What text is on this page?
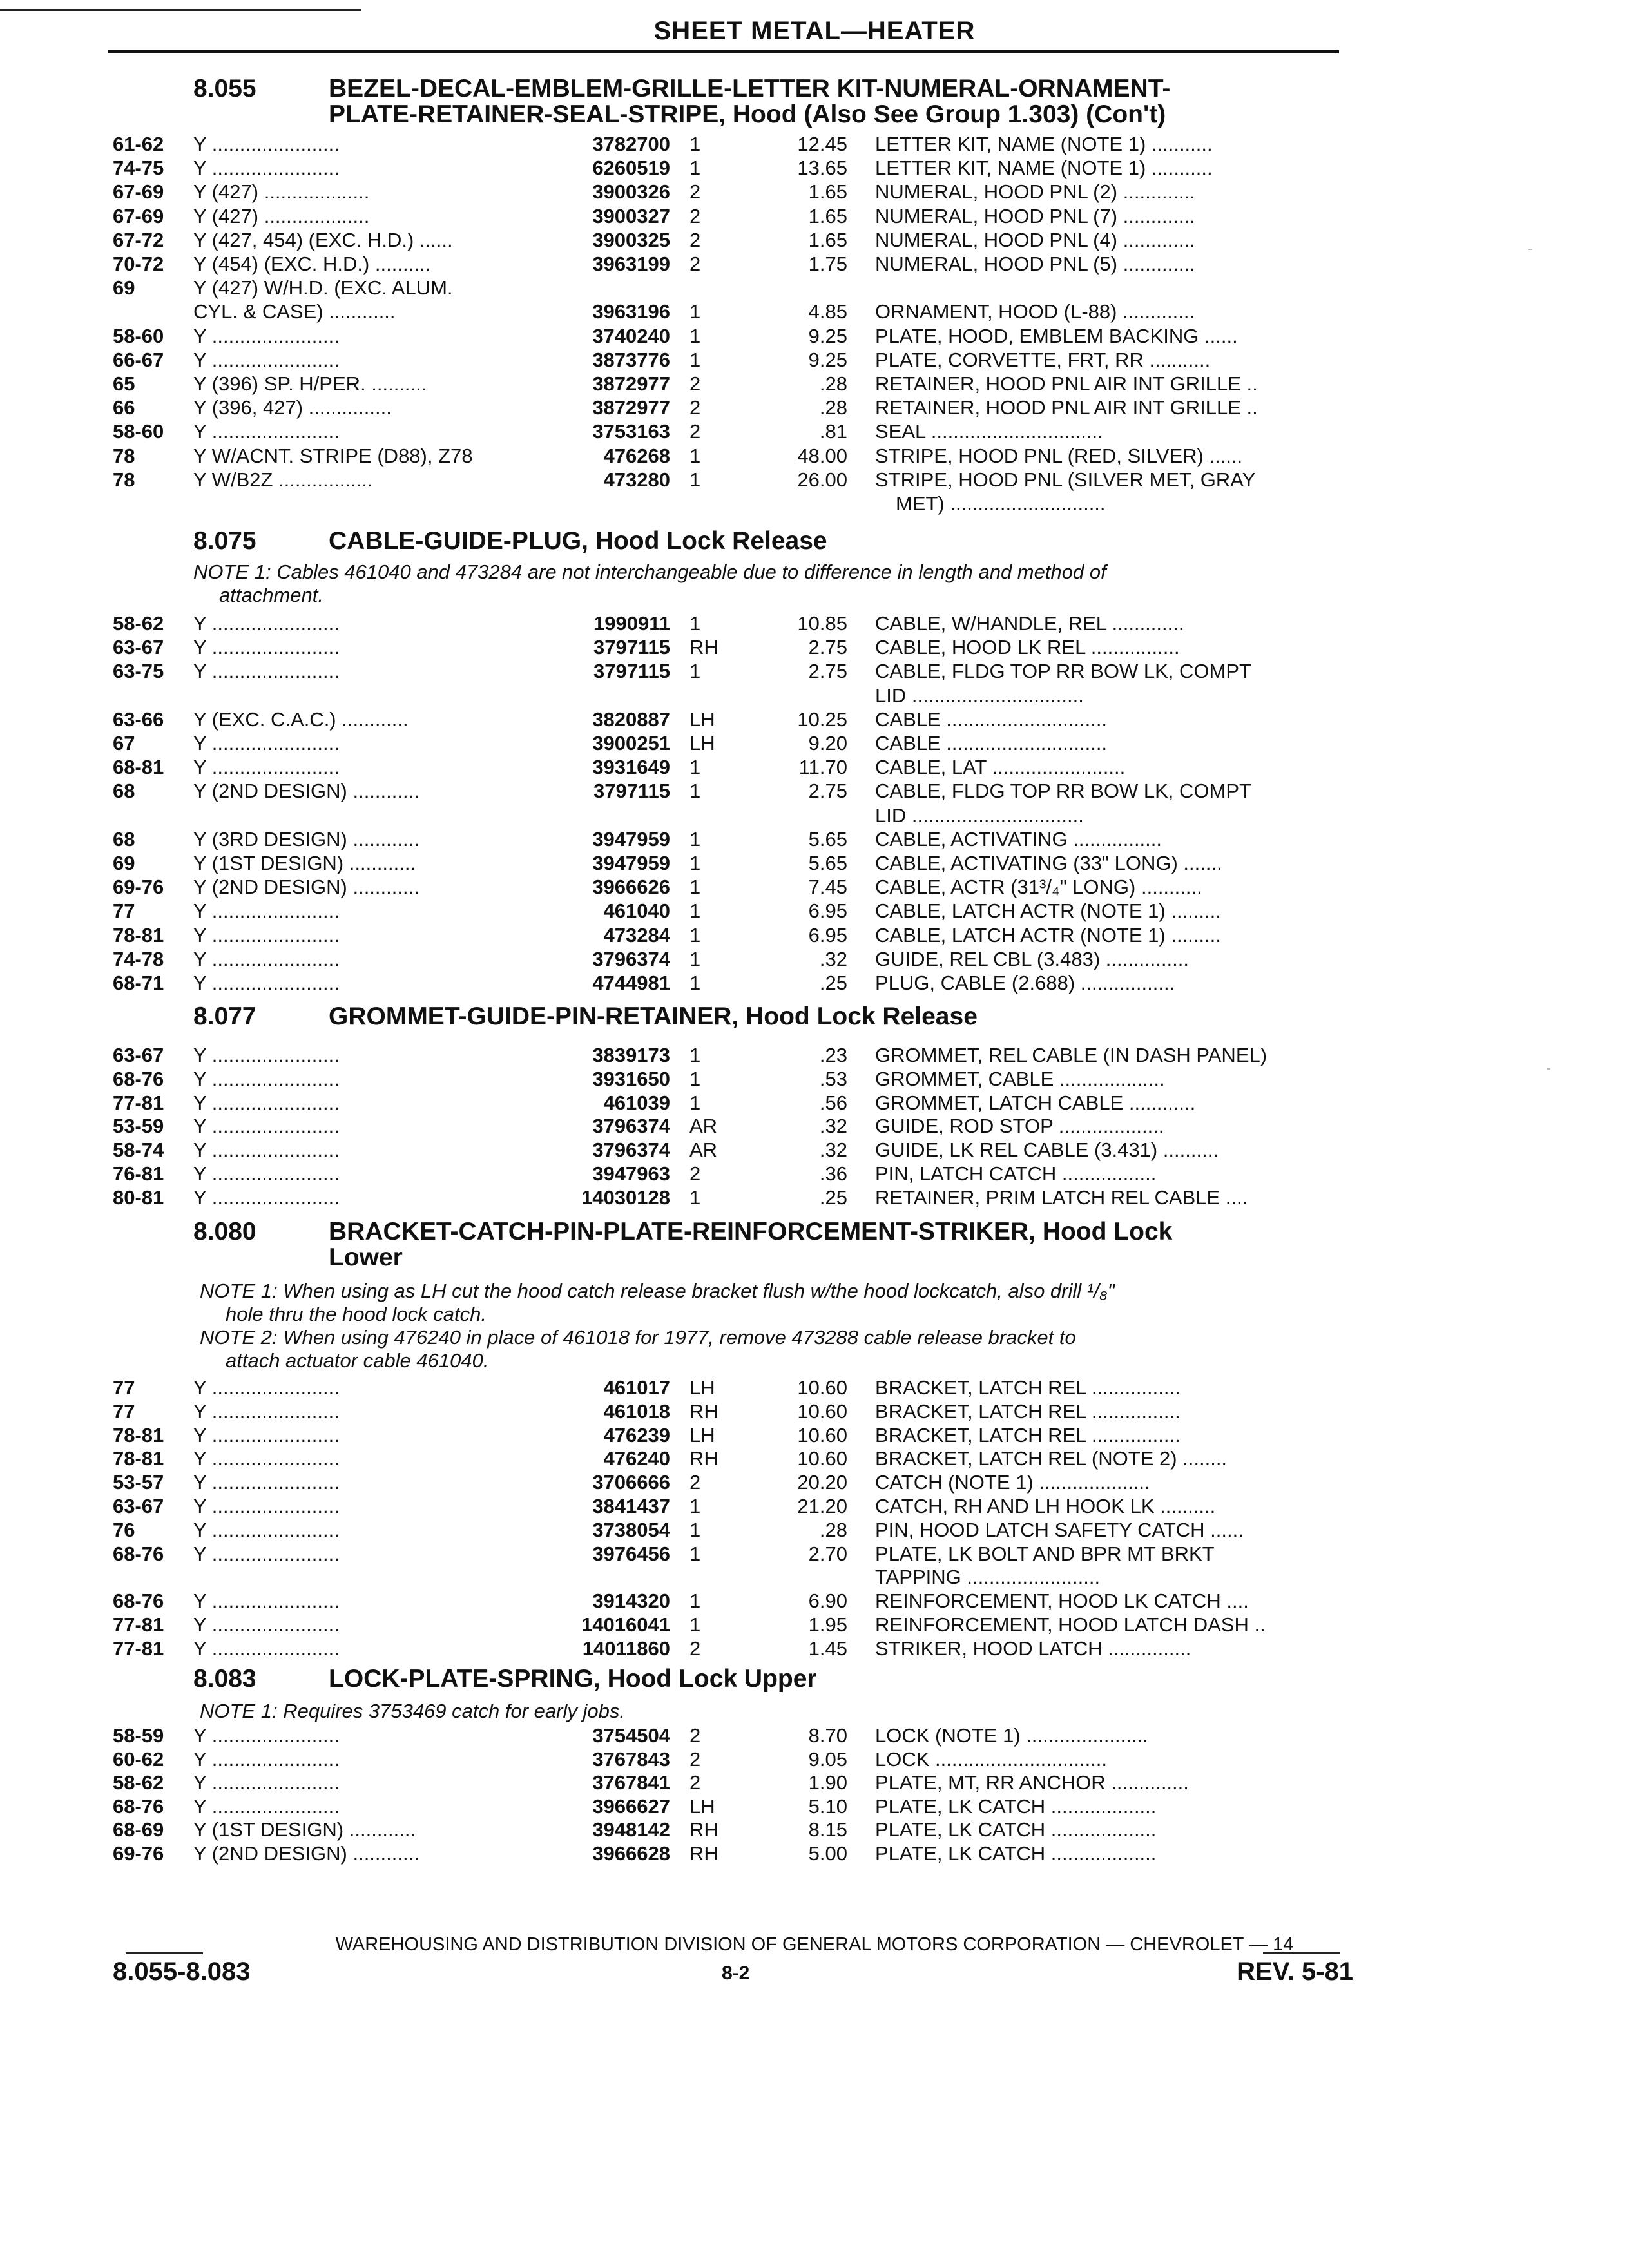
SHEET METAL—HEATER
8.055	BEZEL-DECAL-EMBLEM-GRILLE-LETTER KIT-NUMERAL-ORNAMENT-
PLATE-RETAINER-SEAL-STRIPE, Hood (Also See Group 1.303) (Con't)
61-62 Y .......................	3782700 1	12.45 LETTER KIT, NAME (NOTE 1) ...........
74-75 Y .......................	6260519 1	13.65 LETTER KIT, NAME (NOTE 1) ...........
67-69 Y (427) ...................	3900326 2	1.65 NUMERAL, HOOD PNL (2) .............
67-69 Y (427) ...................	3900327 2	1.65 NUMERAL, HOOD PNL (7) .............
67-72 Y (427, 454) (EXC. H.D.) ......	3900325 2	1.65 NUMERAL, HOOD PNL (4) .............
70-72 Y (454) (EXC. H.D.) ..........	3963199 2	1.75 NUMERAL, HOOD PNL (5) .............
69	Y (427) W/H.D. (EXC. ALUM.
CYL. & CASE) ............	3963196 1	4.85 ORNAMENT, HOOD (L-88) .............
58-60 Y .......................	3740240 1	9.25 PLATE, HOOD, EMBLEM BACKING ......
66-67 Y .......................	3873776 1	9.25 PLATE, CORVETTE, FRT, RR ...........
65	Y (396) SP. H/PER. ..........	3872977 2	.28 RETAINER, HOOD PNL AIR INT GRILLE ..
66	Y (396, 427) ...............	3872977 2	.28 RETAINER, HOOD PNL AIR INT GRILLE ..
58-60 Y .......................	3753163 2	.81 SEAL ...............................
78	Y W/ACNT. STRIPE (D88), Z78	476268 1	48.00 STRIPE, HOOD PNL (RED, SILVER) ......
78	Y W/B2Z .................	473280 1	26.00 STRIPE, HOOD PNL (SILVER MET, GRAY
MET) ............................
8.075	CABLE-GUIDE-PLUG, Hood Lock Release
NOTE 1: Cables 461040 and 473284 are not interchangeable due to difference in length and method of
attachment.
58-62 Y .......................	1990911 1	10.85 CABLE, W/HANDLE, REL .............
63-67 Y .......................	3797115 RH	2.75 CABLE, HOOD LK REL ................
63-75 Y .......................	3797115 1	2.75 CABLE, FLDG TOP RR BOW LK, COMPT
LID ...............................
63-66 Y (EXC. C.A.C.) ............	3820887 LH	10.25 CABLE .............................
67	Y .......................	3900251 LH	9.20 CABLE .............................
68-81 Y .......................	3931649 1	11.70 CABLE, LAT ........................
68	Y (2ND DESIGN) ............	3797115 1	2.75 CABLE, FLDG TOP RR BOW LK, COMPT
LID ...............................
68	Y (3RD DESIGN) ............	3947959 1	5.65 CABLE, ACTIVATING ................
69	Y (1ST DESIGN) ............	3947959 1	5.65 CABLE, ACTIVATING (33" LONG) .......
69-76 Y (2ND DESIGN) ............	3966626 1	7.45 CABLE, ACTR (31³/₄" LONG) ...........
77	Y .......................	461040 1	6.95 CABLE, LATCH ACTR (NOTE 1) .........
78-81 Y .......................	473284 1	6.95 CABLE, LATCH ACTR (NOTE 1) .........
74-78 Y .......................	3796374 1	.32 GUIDE, REL CBL (3.483) ...............
68-71 Y .......................	4744981 1	.25 PLUG, CABLE (2.688) .................
8.077	GROMMET-GUIDE-PIN-RETAINER, Hood Lock Release
63-67 Y .......................	3839173 1	.23 GROMMET, REL CABLE (IN DASH PANEL)
68-76 Y .......................	3931650 1	.53 GROMMET, CABLE ...................
77-81 Y .......................	461039 1	.56 GROMMET, LATCH CABLE ............
53-59 Y .......................	3796374 AR	.32 GUIDE, ROD STOP ...................
58-74 Y .......................	3796374 AR	.32 GUIDE, LK REL CABLE (3.431) ..........
76-81 Y .......................	3947963 2	.36 PIN, LATCH CATCH .................
80-81 Y .......................	14030128 1	.25 RETAINER, PRIM LATCH REL CABLE ....
8.080	BRACKET-CATCH-PIN-PLATE-REINFORCEMENT-STRIKER, Hood Lock
Lower
NOTE 1: When using as LH cut the hood catch release bracket flush w/the hood lockcatch, also drill ¹/₈"
hole thru the hood lock catch.
NOTE 2: When using 476240 in place of 461018 for 1977, remove 473288 cable release bracket to
attach actuator cable 461040.
77	Y .......................	461017 LH	10.60 BRACKET, LATCH REL ................
77	Y .......................	461018 RH	10.60 BRACKET, LATCH REL ................
78-81 Y .......................	476239 LH	10.60 BRACKET, LATCH REL ................
78-81 Y .......................	476240 RH	10.60 BRACKET, LATCH REL (NOTE 2) ........
53-57 Y .......................	3706666 2	20.20 CATCH (NOTE 1) ....................
63-67 Y .......................	3841437 1	21.20 CATCH, RH AND LH HOOK LK ..........
76	Y .......................	3738054 1	.28 PIN, HOOD LATCH SAFETY CATCH ......
68-76 Y .......................	3976456 1	2.70 PLATE, LK BOLT AND BPR MT BRKT
TAPPING ........................
68-76 Y .......................	3914320 1	6.90 REINFORCEMENT, HOOD LK CATCH ....
77-81 Y .......................	14016041 1	1.95 REINFORCEMENT, HOOD LATCH DASH ..
77-81 Y .......................	14011860 2	1.45 STRIKER, HOOD LATCH ...............
8.083	LOCK-PLATE-SPRING, Hood Lock Upper
NOTE 1: Requires 3753469 catch for early jobs.
58-59 Y .......................	3754504 2	8.70 LOCK (NOTE 1) ......................
60-62 Y .......................	3767843 2	9.05 LOCK ...............................
58-62 Y .......................	3767841 2	1.90 PLATE, MT, RR ANCHOR ..............
68-76 Y .......................	3966627 LH	5.10 PLATE, LK CATCH ...................
68-69 Y (1ST DESIGN) ............	3948142 RH	8.15 PLATE, LK CATCH ...................
69-76 Y (2ND DESIGN) ............	3966628 RH	5.00 PLATE, LK CATCH ...................
WAREHOUSING AND DISTRIBUTION DIVISION OF GENERAL MOTORS CORPORATION — CHEVROLET — 14
8.055-8.083	8-2	REV. 5-81
